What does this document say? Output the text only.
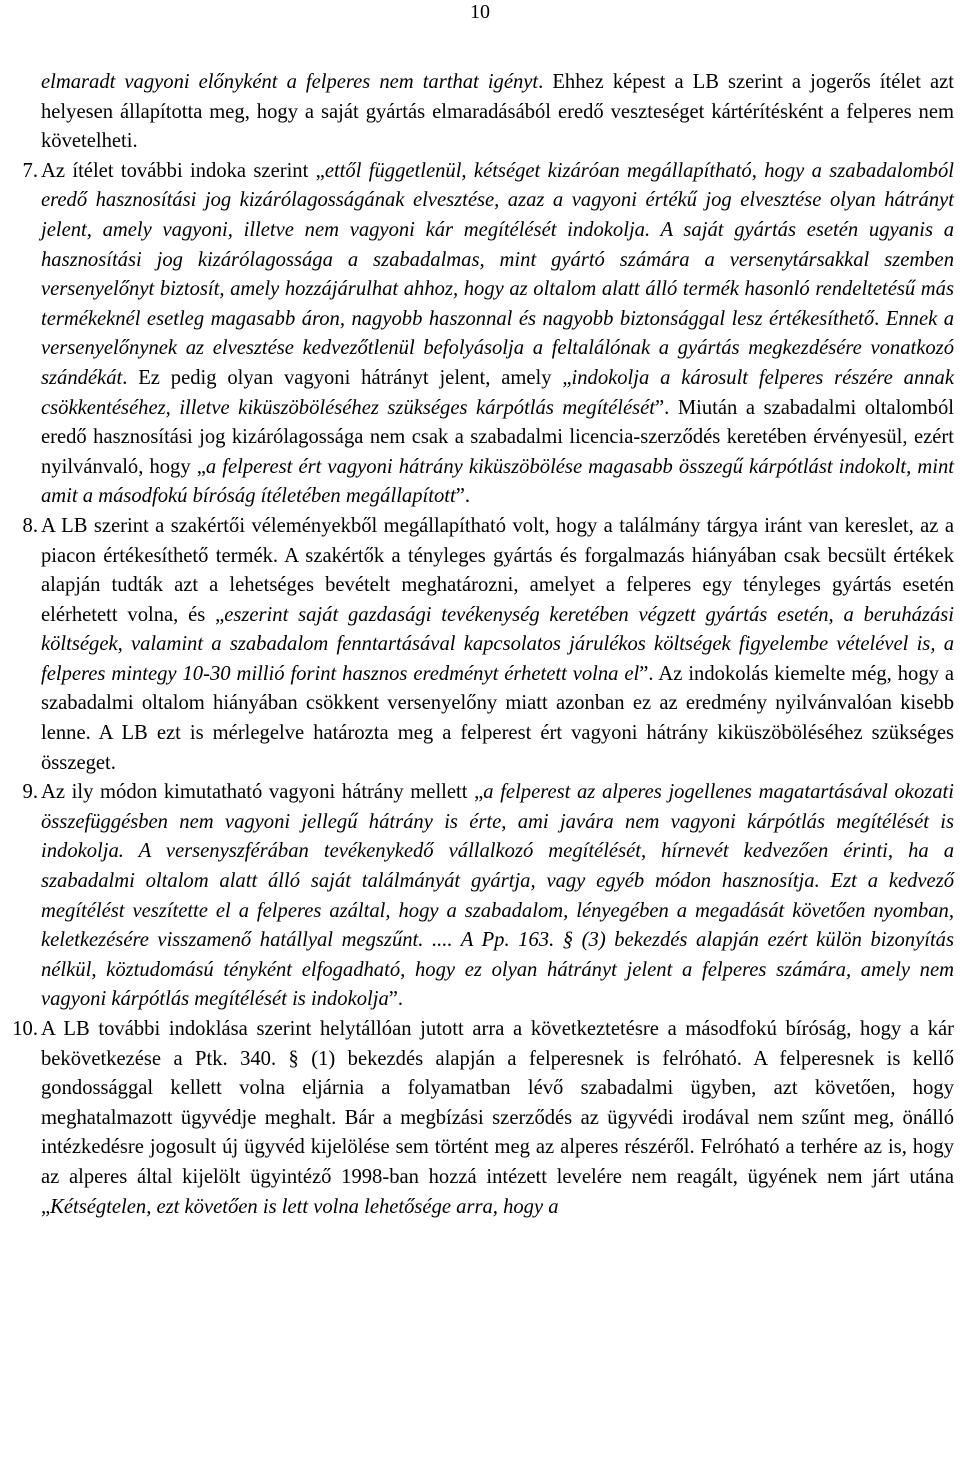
10

elmaradt vagyoni előnyként a felperes nem tarthat igényt. Ehhez képest a LB szerint a jogerős ítélet azt helyesen állapította meg, hogy a saját gyártás elmaradásából eredő veszteséget kártérítésként a felperes nem követelheti.

7. Az ítélet további indoka szerint „ettől függetlenül, kétséget kizáróan megállapítható, hogy a szabadalomból eredő hasznosítási jog kizárólagosságának elvesztése, azaz a vagyoni értékű jog elvesztése olyan hátrányt jelent, amely vagyoni, illetve nem vagyoni kár megítélését indokolja. A saját gyártás esetén ugyanis a hasznosítási jog kizárólagossága a szabadalmas, mint gyártó számára a versenytársakkal szemben versenyelőnyt biztosít, amely hozzájárulhat ahhoz, hogy az oltalom alatt álló termék hasonló rendeltetésű más termékeknél esetleg magasabb áron, nagyobb haszonnal és nagyobb biztonsággal lesz értékesíthető. Ennek a versenyelőnynek az elvesztése kedvezőtlenül befolyásolja a feltalálónak a gyártás megkezdésére vonatkozó szándékát. Ez pedig olyan vagyoni hátrányt jelent, amely „indokolja a károsult felperes részére annak csökkentéséhez, illetve kiküszöböléséhez szükséges kárpótlás megítélését”. Miután a szabadalmi oltalomból eredő hasznosítási jog kizárólagossága nem csak a szabadalmi licencia-szerződés keretében érvényesül, ezért nyilvánvaló, hogy „a felperest ért vagyoni hátrány kiküszöbölése magasabb összegű kárpótlást indokolt, mint amit a másodfokú bíróság ítéletében megállapított”.

8. A LB szerint a szakértői véleményekből megállapítható volt, hogy a találmány tárgya iránt van kereslet, az a piacon értékesíthető termék. A szakértők a tényleges gyártás és forgalmazás hiányában csak becsült értékek alapján tudták azt a lehetséges bevételt meghatározni, amelyet a felperes egy tényleges gyártás esetén elérhetett volna, és „eszerint saját gazdasági tevékenység keretében végzett gyártás esetén, a beruházási költségek, valamint a szabadalom fenntartásával kapcsolatos járulékos költségek figyelembe vételével is, a felperes mintegy 10-30 millió forint hasznos eredményt érhetett volna el”. Az indokolás kiemelte még, hogy a szabadalmi oltalom hiányában csökkent versenyelőny miatt azonban ez az eredmény nyilvánvalóan kisebb lenne. A LB ezt is mérlegelve határozta meg a felperest ért vagyoni hátrány kiküszöböléséhez szükséges összeget.

9. Az ily módon kimutatható vagyoni hátrány mellett „a felperest az alperes jogellenes magatartásával okozati összefüggésben nem vagyoni jellegű hátrány is érte, ami javára nem vagyoni kárpótlás megítélését is indokolja. A versenyszférában tevékenykedő vállalkozó megítélését, hírnevét kedvezően érinti, ha a szabadalmi oltalom alatt álló saját találmányát gyártja, vagy egyéb módon hasznosítja. Ezt a kedvező megítélést veszítette el a felperes azáltal, hogy a szabadalom, lényegében a megadását követően nyomban, keletkezésére visszamenő hatállyal megszűnt. .... A Pp. 163. § (3) bekezdés alapján ezért külön bizonyítás nélkül, köztudomású tényként elfogadható, hogy ez olyan hátrányt jelent a felperes számára, amely nem vagyoni kárpótlás megítélését is indokolja”.

10. A LB további indoklása szerint helytállóan jutott arra a következtetésre a másodfokú bíróság, hogy a kár bekövetkezése a Ptk. 340. § (1) bekezdés alapján a felperesnek is felróható. A felperesnek is kellő gondossággal kellett volna eljárnia a folyamatban lévő szabadalmi ügyben, azt követően, hogy meghatalmazott ügyvédje meghalt. Bár a megbízási szerződés az ügyvédi irodával nem szűnt meg, önálló intézkedésre jogosult új ügyvéd kijelölése sem történt meg az alperes részéről. Felróható a terhére az is, hogy az alperes által kijelölt ügyintéző 1998-ban hozzá intézett levelére nem reagált, ügyének nem járt utána „Kétségtelen, ezt követően is lett volna lehetősége arra, hogy a
